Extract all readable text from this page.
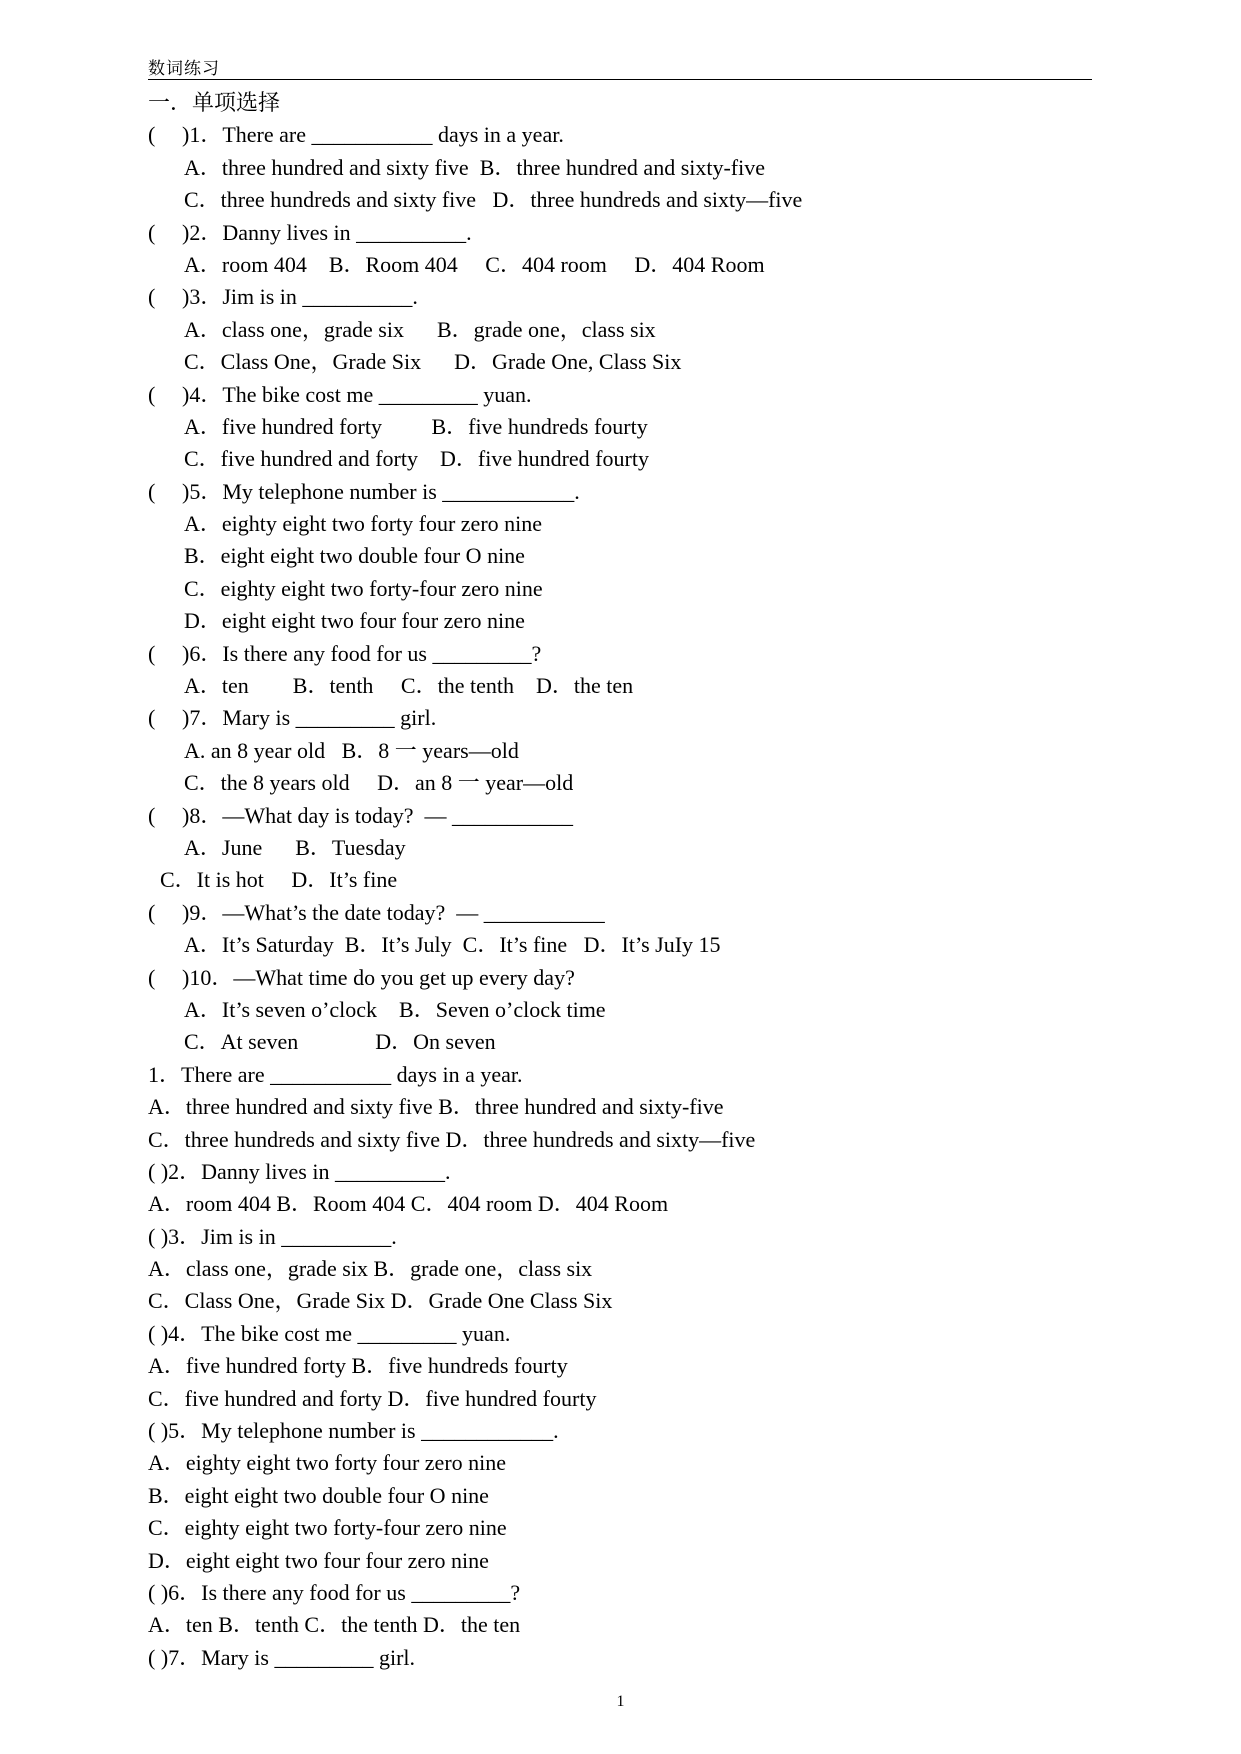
数词练习
一．单项选择
( )1．There are ___________ days in a year.
A．three hundred and sixty five  B．three hundred and sixty-five
C．three hundreds and sixty five   D．three hundreds and sixty—five
( )2．Danny lives in __________.
A．room 404    B．Room 404     C．404 room     D．404 Room
( )3．Jim is in __________.
A．class one，grade six      B．grade one，class six
C．Class One，Grade Six      D．Grade One, Class Six
( )4．The bike cost me _________ yuan.
A．five hundred forty         B．five hundreds fourty
C．five hundred and forty    D．five hundred fourty
( )5．My telephone number is ____________.
A．eighty eight two forty four zero nine
B．eight eight two double four O nine
C．eighty eight two forty-four zero nine
D．eight eight two four four zero nine
( )6．Is there any food for us _________?
A．ten        B．tenth     C．the tenth    D．the ten
( )7．Mary is _________ girl.
A. an 8 year old   B．8 一 years—old
C．the 8 years old     D．an 8 一 year—old
( )8．—What day is today?  — ___________
A．June      B．Tuesday
C．It is hot     D．It’s fine
( )9．—What’s the date today?  — ___________
A．It’s Saturday  B．It’s July  C．It’s fine   D．It’s JuIy 15
( )10．—What time do you get up every day?
A．It’s seven o’clock    B．Seven o’clock time
C．At seven              D．On seven
1．There are ___________ days in a year.
A．three hundred and sixty five B．three hundred and sixty-five
C．three hundreds and sixty five D．three hundreds and sixty—five
( )2．Danny lives in __________.
A．room 404 B．Room 404 C．404 room D．404 Room
( )3．Jim is in __________.
A．class one，grade six B．grade one，class six
C．Class One，Grade Six D．Grade One Class Six
( )4．The bike cost me _________ yuan.
A．five hundred forty B．five hundreds fourty
C．five hundred and forty D．five hundred fourty
( )5．My telephone number is ____________.
A．eighty eight two forty four zero nine
B．eight eight two double four O nine
C．eighty eight two forty-four zero nine
D．eight eight two four four zero nine
( )6．Is there any food for us _________?
A．ten B．tenth C．the tenth D．the ten
( )7．Mary is _________ girl.
1
